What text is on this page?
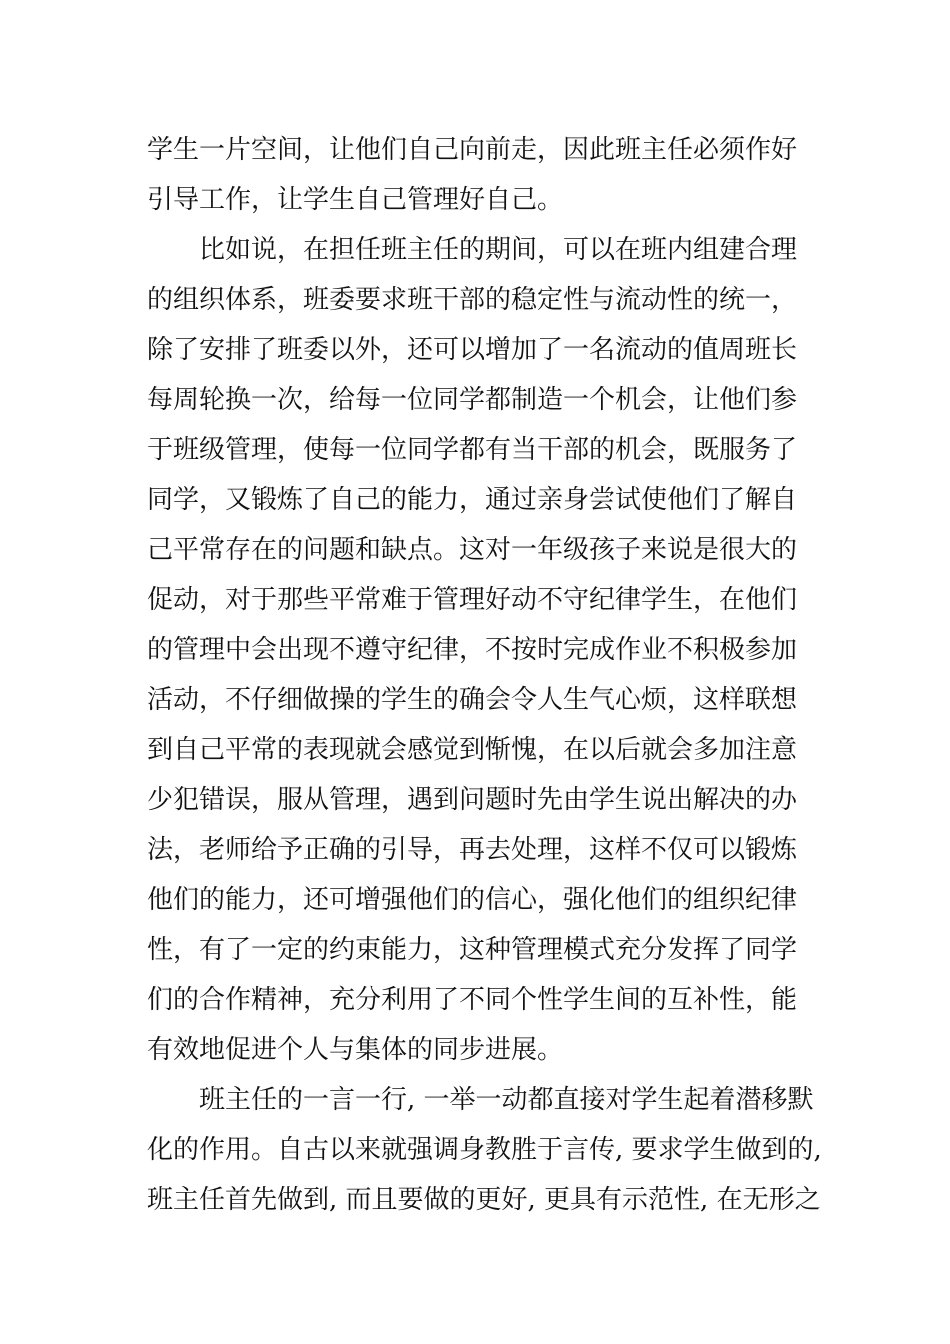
学生一片空间，让他们自己向前走，因此班主任必须作好
引导工作，让学生自己管理好自己。
　　比如说，在担任班主任的期间，可以在班内组建合理
的组织体系，班委要求班干部的稳定性与流动性的统一，
除了安排了班委以外，还可以增加了一名流动的值周班长
每周轮换一次，给每一位同学都制造一个机会，让他们参
于班级管理，使每一位同学都有当干部的机会，既服务了
同学，又锻炼了自己的能力，通过亲身尝试使他们了解自
己平常存在的问题和缺点。这对一年级孩子来说是很大的
促动，对于那些平常难于管理好动不守纪律学生，在他们
的管理中会出现不遵守纪律，不按时完成作业不积极参加
活动，不仔细做操的学生的确会令人生气心烦，这样联想
到自己平常的表现就会感觉到惭愧，在以后就会多加注意
少犯错误，服从管理，遇到问题时先由学生说出解决的办
法，老师给予正确的引导，再去处理，这样不仅可以锻炼
他们的能力，还可增强他们的信心，强化他们的组织纪律
性，有了一定的约束能力，这种管理模式充分发挥了同学
们的合作精神，充分利用了不同个性学生间的互补性，能
有效地促进个人与集体的同步进展。
　　班主任的一言一行, 一举一动都直接对学生起着潜移默
化的作用。自古以来就强调身教胜于言传, 要求学生做到的,
班主任首先做到, 而且要做的更好, 更具有示范性, 在无形之
